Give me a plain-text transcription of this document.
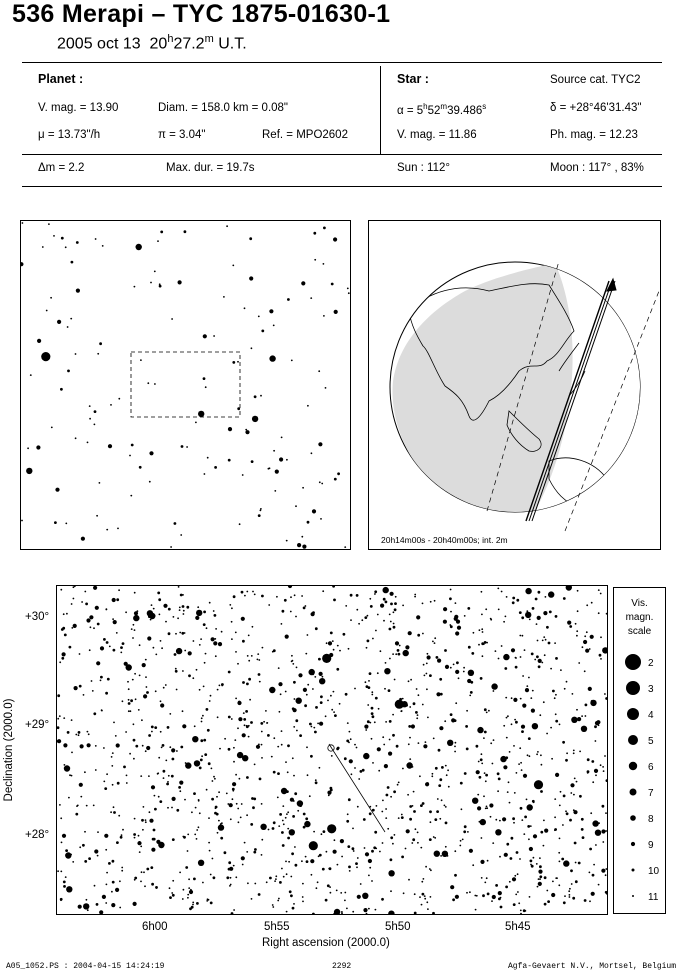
536 Merapi – TYC 1875-01630-1
2005 oct 13 20$^h$27.2$^m$ U.T.
Planet :
V. mag. = 13.90	Diam. = 158.0 km = 0.08"
μ = 13.73"/h	π = 3.04"	Ref. = MPO2602
Star :	Source cat. TYC2
$\alpha = 5^h52^m39.486^s$	δ = +28°46'31.43"
V. mag. = 11.86	Ph. mag. = 12.23
Δm = 2.2	Max. dur. = 19.7s	Sun : 112°	Moon : 117° , 83%
20h14m00s - 20h40m00s; int. 2m
+30°
+29°
+28°
6h00	5h55	5h50	5h45
Right ascension (2000.0)
Declination (2000.0)
Vis.
magn.
scale
2
3
4
5
6
7
8
9
10
11
A05_1052.PS : 2004-04-15 14:24:19	2292	Agfa-Gevaert N.V., Mortsel, Belgium
